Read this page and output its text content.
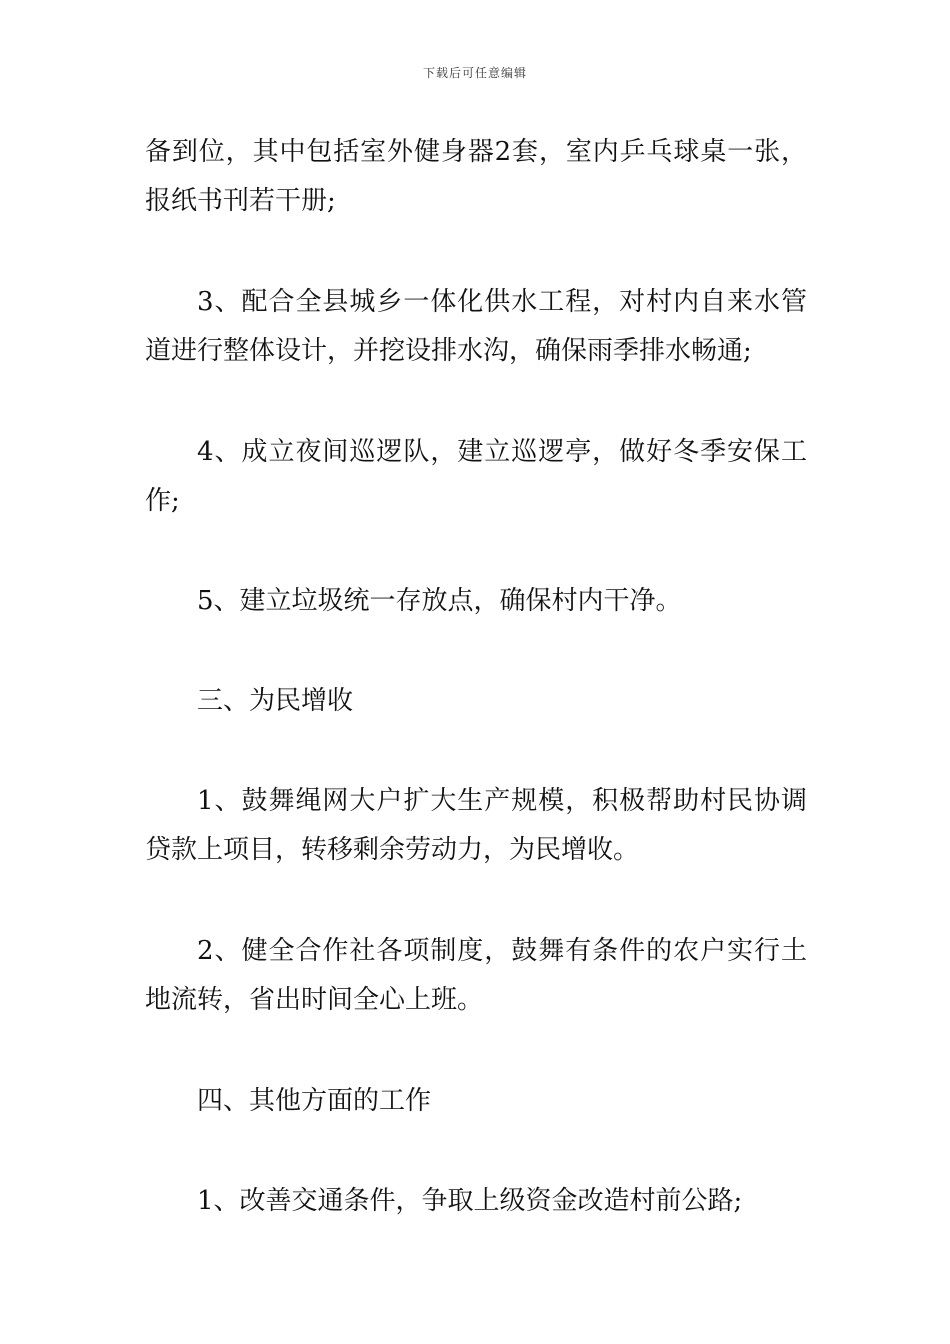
下载后可任意编辑

备到位，其中包括室外健身器2套，室内乒乓球桌一张，报纸书刊若干册;

3、配合全县城乡一体化供水工程，对村内自来水管道进行整体设计，并挖设排水沟，确保雨季排水畅通;

4、成立夜间巡逻队，建立巡逻亭，做好冬季安保工作;

5、建立垃圾统一存放点，确保村内干净。

三、为民增收

1、鼓舞绳网大户扩大生产规模，积极帮助村民协调贷款上项目，转移剩余劳动力，为民增收。

2、健全合作社各项制度，鼓舞有条件的农户实行土地流转，省出时间全心上班。

四、其他方面的工作

1、改善交通条件，争取上级资金改造村前公路;
